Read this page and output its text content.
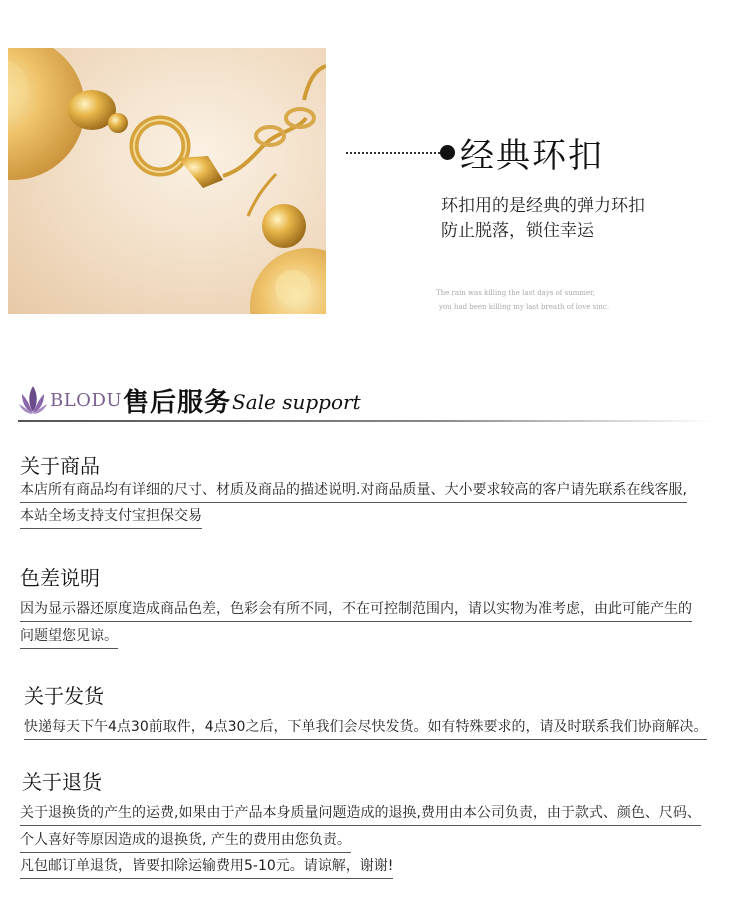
经典环扣
环扣用的是经典的弹力环扣
防止脱落，锁住幸运
The rain was killing the last days of summer,
you had been killing my last breath of love sinc.
BLODU 售后服务 Sale support
关于商品
本店所有商品均有详细的尺寸、材质及商品的描述说明.对商品质量、大小要求较高的客户请先联系在线客服,
本站全场支持支付宝担保交易
色差说明
因为显示器还原度造成商品色差，色彩会有所不同，不在可控制范围内，请以实物为准考虑，由此可能产生的
问题望您见谅。
关于发货
快递每天下午4点30前取件，4点30之后，下单我们会尽快发货。如有特殊要求的，请及时联系我们协商解决。
关于退货
关于退换货的产生的运费,如果由于产品本身质量问题造成的退换,费用由本公司负责，由于款式、颜色、尺码、
个人喜好等原因造成的退换货, 产生的费用由您负责。
凡包邮订单退货，皆要扣除运输费用5-10元。请谅解，谢谢!
